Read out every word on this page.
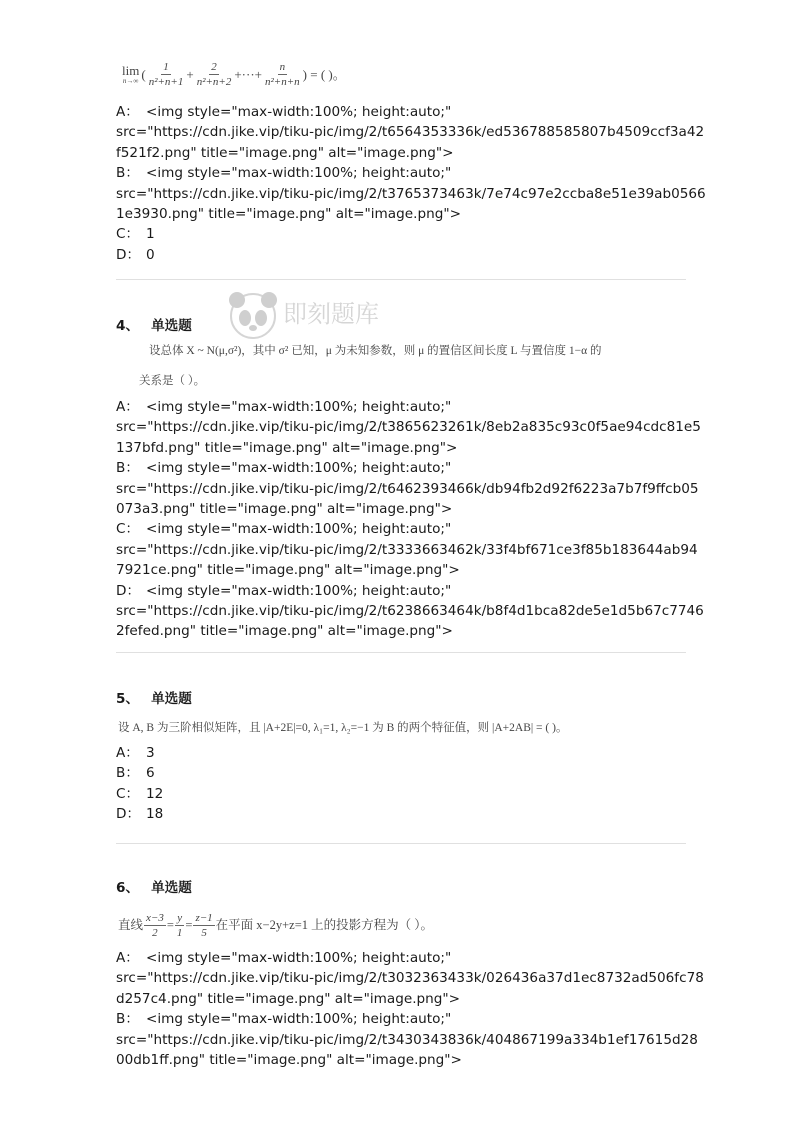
lim
n→∞ ( $\frac{1}{\text{n²+n+1}} + \frac{2}{\text{n²+n+2}}$ +···+ $\frac{n}{\text{n²+n+n}}$ ) = ( )。
A： <img style="max-width:100%; height:auto;"
src="https://cdn.jike.vip/tiku-pic/img/2/t6564353336k/ed536788585807b4509ccf3a42
f521f2.png" title="image.png" alt="image.png">
B： <img style="max-width:100%; height:auto;"
src="https://cdn.jike.vip/tiku-pic/img/2/t3765373463k/7e74c97e2ccba8e51e39ab0566
1e3930.png" title="image.png" alt="image.png">
C： 1
D： 0
4、 单选题	即刻题库
设总体 X ~ N(μ,σ²)，其中 σ² 已知，μ 为未知参数，则 μ 的置信区间长度 L 与置信度 1−α 的
关系是（ ）。
A： <img style="max-width:100%; height:auto;"
src="https://cdn.jike.vip/tiku-pic/img/2/t3865623261k/8eb2a835c93c0f5ae94cdc81e5
137bfd.png" title="image.png" alt="image.png">
B： <img style="max-width:100%; height:auto;"
src="https://cdn.jike.vip/tiku-pic/img/2/t6462393466k/db94fb2d92f6223a7b7f9ffcb05
073a3.png" title="image.png" alt="image.png">
C： <img style="max-width:100%; height:auto;"
src="https://cdn.jike.vip/tiku-pic/img/2/t3333663462k/33f4bf671ce3f85b183644ab94
7921ce.png" title="image.png" alt="image.png">
D： <img style="max-width:100%; height:auto;"
src="https://cdn.jike.vip/tiku-pic/img/2/t6238663464k/b8f4d1bca82de5e1d5b67c7746
2fefed.png" title="image.png" alt="image.png">
5、 单选题
设 A, B 为三阶相似矩阵，且 |A+2E|=0, λ₁=1, λ₂=−1 为 B 的两个特征值，则 |A+2AB| = ( )。
A： 3
B： 6
C： 12
D： 18
6、 单选题
直线 $\frac{x-3}{2} = \frac{y}{1} = \frac{z-1}{5}$ 在平面 x−2y+z=1 上的投影方程为（ ）。
A： <img style="max-width:100%; height:auto;"
src="https://cdn.jike.vip/tiku-pic/img/2/t3032363433k/026436a37d1ec8732ad506fc78
d257c4.png" title="image.png" alt="image.png">
B： <img style="max-width:100%; height:auto;"
src="https://cdn.jike.vip/tiku-pic/img/2/t3430343836k/404867199a334b1ef17615d28
00db1ff.png" title="image.png" alt="image.png">
